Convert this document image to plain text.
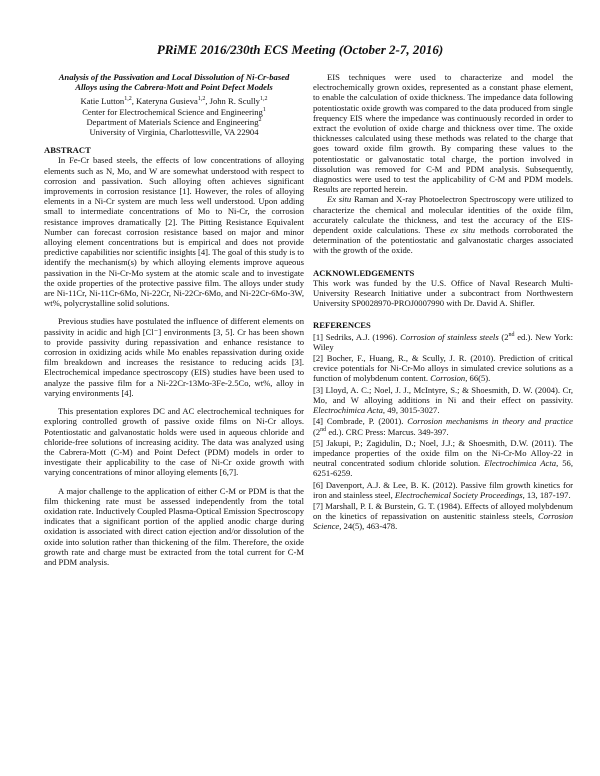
PRiME 2016/230th ECS Meeting (October 2-7, 2016)

Analysis of the Passivation and Local Dissolution of Ni-Cr-based Alloys using the Cabrera-Mott and Point Defect Models

Katie Lutton$^{1,2}$, Kateryna Gusieva$^{1,2}$, John R. Scully$^{1,2}$

Center for Electrochemical Science and Engineering$^1$

Department of Materials Science and Engineering$^2$

University of Virginia, Charlottesville, VA 22904

ABSTRACT

In Fe-Cr based steels, the effects of low concentrations of alloying elements such as N, Mo, and W are somewhat understood with respect to corrosion and passivation. Such alloying often achieves significant improvements in corrosion resistance [1]. However, the roles of alloying elements in a Ni-Cr system are much less well understood. Upon adding small to intermediate concentrations of Mo to Ni-Cr, the corrosion resistance improves dramatically [2]. The Pitting Resistance Equivalent Number can forecast corrosion resistance based on major and minor alloying element concentrations but is empirical and does not provide predictive capabilities nor scientific insights [4]. The goal of this study is to identify the mechanism(s) by which alloying elements improve aqueous passivation in the Ni-Cr-Mo system at the atomic scale and to investigate the oxide properties of the protective passive film. The alloys under study are Ni-11Cr, Ni-11Cr-6Mo, Ni-22Cr, Ni-22Cr-6Mo, and Ni-22Cr-6Mo-3W, wt%, polycrystalline solid solutions.

Previous studies have postulated the influence of different elements on passivity in acidic and high [Cl⁻] environments [3, 5]. Cr has been shown to provide passivity during repassivation and enhance resistance to corrosion in oxidizing acids while Mo enables repassivation during oxide film breakdown and increases the resistance to reducing acids [3]. Electrochemical impedance spectroscopy (EIS) studies have been used to analyze the passive film for a Ni-22Cr-13Mo-3Fe-2.5Co, wt%, alloy in varying environments [4].

This presentation explores DC and AC electrochemical techniques for exploring controlled growth of passive oxide films on Ni-Cr alloys. Potentiostatic and galvanostatic holds were used in aqueous chloride and chloride-free solutions of increasing acidity. The data was analyzed using the Cabrera-Mott (C-M) and Point Defect (PDM) models in order to investigate their applicability to the case of Ni-Cr oxide growth with varying concentrations of minor alloying elements [6,7].

A major challenge to the application of either C-M or PDM is that the film thickening rate must be assessed independently from the total oxidation rate. Inductively Coupled Plasma-Optical Emission Spectroscopy indicates that a significant portion of the applied anodic charge during oxidation is associated with direct cation ejection and/or dissolution of the oxide into solution rather than thickening of the film. Therefore, the oxide growth rate and charge must be extracted from the total current for C-M and PDM analysis.

EIS techniques were used to characterize and model the electrochemically grown oxides, represented as a constant phase element, to enable the calculation of oxide thickness. The impedance data following potentiostatic oxide growth was compared to the data produced from single frequency EIS where the impedance was continuously recorded in order to extract the evolution of oxide charge and thickness over time. The oxide thicknesses calculated using these methods was related to the charge that goes toward oxide film growth. By comparing these values to the potentiostatic or galvanostatic total charge, the portion involved in dissolution was removed for C-M and PDM analysis. Subsequently, diagnostics were used to test the applicability of C-M and PDM models. Results are reported herein.

Ex situ Raman and X-ray Photoelectron Spectroscopy were utilized to characterize the chemical and molecular identities of the oxide film, accurately calculate the thickness, and test the accuracy of the EIS-dependent oxide calculations. These ex situ methods corroborated the determination of the potentiostatic and galvanostatic charges associated with the growth of the oxide.

ACKNOWLEDGEMENTS

This work was funded by the U.S. Office of Naval Research Multi-University Research Initiative under a subcontract from Northwestern University SP0028970-PROJ0007990 with Dr. David A. Shifler.

REFERENCES

[1] Sedriks, A.J. (1996). Corrosion of stainless steels (2nd ed.). New York: Wiley

[2] Bocher, F., Huang, R., & Scully, J. R. (2010). Prediction of critical crevice potentials for Ni-Cr-Mo alloys in simulated crevice solutions as a function of molybdenum content. Corrosion, 66(5).

[3] Lloyd, A. C.; Noel, J. J., McIntyre, S.; & Shoesmith, D. W. (2004). Cr, Mo, and W alloying additions in Ni and their effect on passivity. Electrochimica Acta, 49, 3015-3027.

[4] Combrade, P. (2001). Corrosion mechanisms in theory and practice (2nd ed.). CRC Press: Marcus. 349-397.

[5] Jakupi, P.; Zagidulin, D.; Noel, J.J.; & Shoesmith, D.W. (2011). The impedance properties of the oxide film on the Ni-Cr-Mo Alloy-22 in neutral concentrated sodium chloride solution. Electrochimica Acta, 56, 6251-6259.

[6] Davenport, A.J. & Lee, B. K. (2012). Passive film growth kinetics for iron and stainless steel, Electrochemical Society Proceedings, 13, 187-197.

[7] Marshall, P. I. & Burstein, G. T. (1984). Effects of alloyed molybdenum on the kinetics of repassivation on austenitic stainless steels, Corrosion Science, 24(5), 463-478.
